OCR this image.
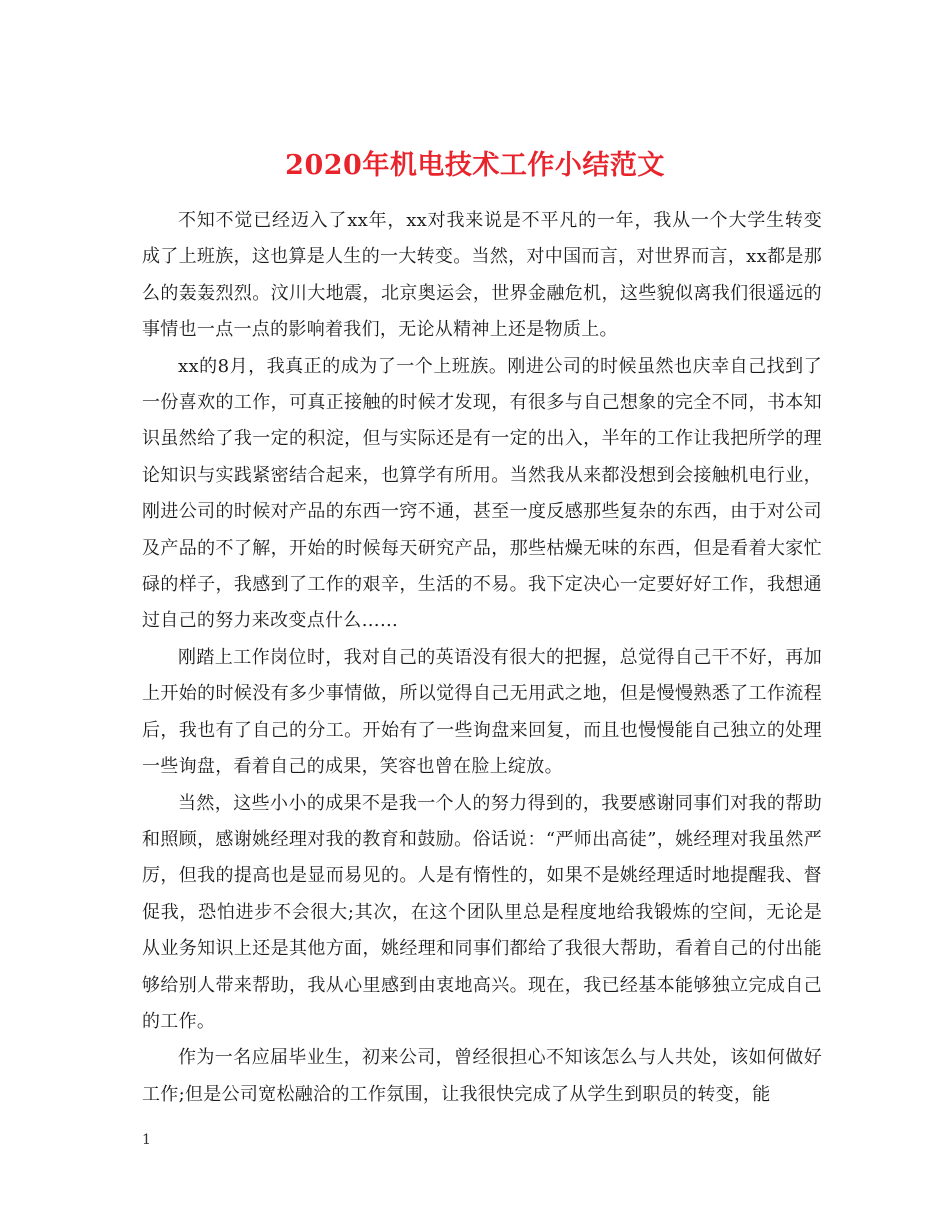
2020年机电技术工作小结范文

不知不觉已经迈入了xx年，xx对我来说是不平凡的一年，我从一个大学生转变成了上班族，这也算是人生的一大转变。当然，对中国而言，对世界而言，xx都是那么的轰轰烈烈。汶川大地震，北京奥运会，世界金融危机，这些貌似离我们很遥远的事情也一点一点的影响着我们，无论从精神上还是物质上。

xx的8月，我真正的成为了一个上班族。刚进公司的时候虽然也庆幸自己找到了一份喜欢的工作，可真正接触的时候才发现，有很多与自己想象的完全不同，书本知识虽然给了我一定的积淀，但与实际还是有一定的出入，半年的工作让我把所学的理论知识与实践紧密结合起来，也算学有所用。当然我从来都没想到会接触机电行业，刚进公司的时候对产品的东西一窍不通，甚至一度反感那些复杂的东西，由于对公司及产品的不了解，开始的时候每天研究产品，那些枯燥无味的东西，但是看着大家忙碌的样子，我感到了工作的艰辛，生活的不易。我下定决心一定要好好工作，我想通过自己的努力来改变点什么……

刚踏上工作岗位时，我对自己的英语没有很大的把握，总觉得自己干不好，再加上开始的时候没有多少事情做，所以觉得自己无用武之地，但是慢慢熟悉了工作流程后，我也有了自己的分工。开始有了一些询盘来回复，而且也慢慢能自己独立的处理一些询盘，看着自己的成果，笑容也曾在脸上绽放。

当然，这些小小的成果不是我一个人的努力得到的，我要感谢同事们对我的帮助和照顾，感谢姚经理对我的教育和鼓励。俗话说：“严师出高徒”，姚经理对我虽然严厉，但我的提高也是显而易见的。人是有惰性的，如果不是姚经理适时地提醒我、督促我，恐怕进步不会很大;其次，在这个团队里总是程度地给我锻炼的空间，无论是从业务知识上还是其他方面，姚经理和同事们都给了我很大帮助，看着自己的付出能够给别人带来帮助，我从心里感到由衷地高兴。现在，我已经基本能够独立完成自己的工作。

作为一名应届毕业生，初来公司，曾经很担心不知该怎么与人共处，该如何做好工作;但是公司宽松融洽的工作氛围，让我很快完成了从学生到职员的转变，能

1
